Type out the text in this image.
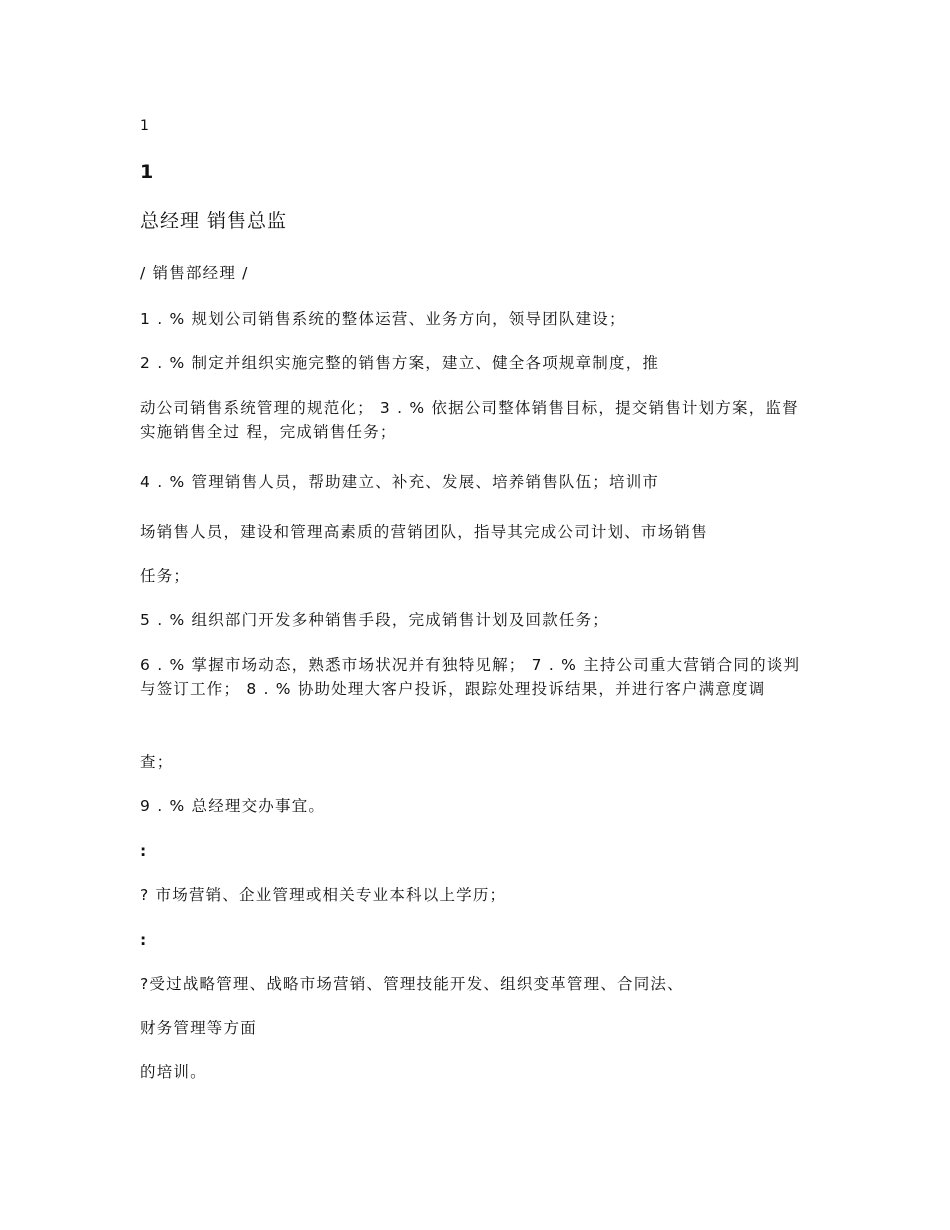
1
1
总经理 销售总监
/ 销售部经理 /
1 . % 规划公司销售系统的整体运营、业务方向，领导团队建设；
2 . % 制定并组织实施完整的销售方案，建立、健全各项规章制度，推
动公司销售系统管理的规范化； 3 . % 依据公司整体销售目标，提交销售计划方案，监督实施销售全过 程，完成销售任务；
4 . % 管理销售人员，帮助建立、补充、发展、培养销售队伍；培训市
场销售人员，建设和管理高素质的营销团队，指导其完成公司计划、市场销售
任务；
5 . % 组织部门开发多种销售手段，完成销售计划及回款任务；
6 . % 掌握市场动态，熟悉市场状况并有独特见解； 7 . % 主持公司重大营销合同的谈判与签订工作； 8 . % 协助处理大客户投诉，跟踪处理投诉结果，并进行客户满意度调
查；
9 . % 总经理交办事宜。
:
? 市场营销、企业管理或相关专业本科以上学历；
:
?受过战略管理、战略市场营销、管理技能开发、组织变革管理、合同法、
财务管理等方面
的培训。
